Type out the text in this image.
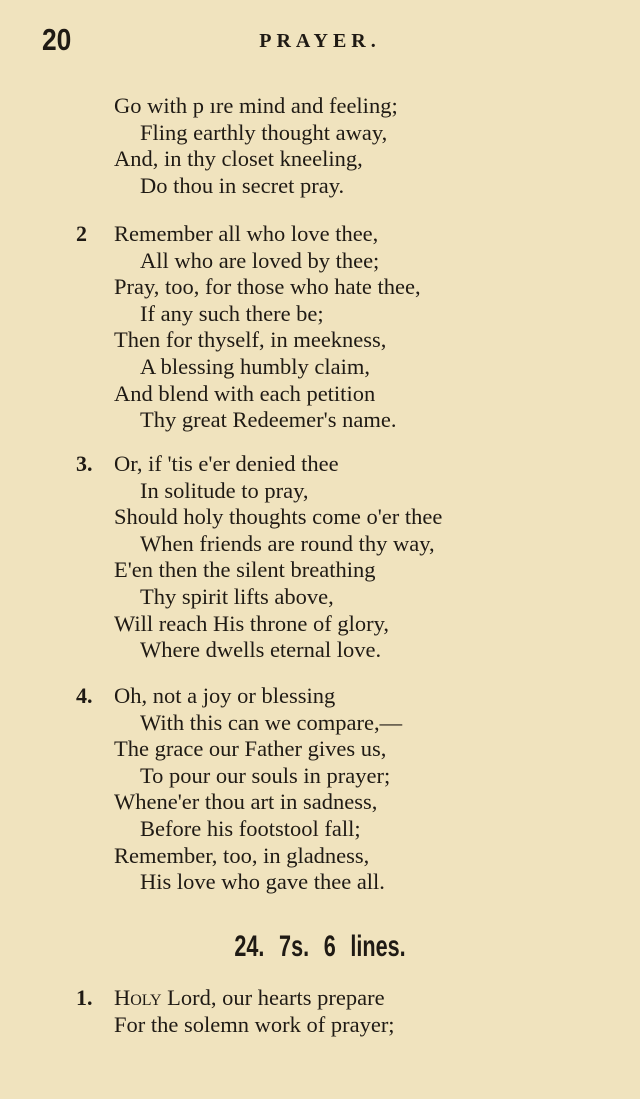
20	PRAYER.
Go with p ıre mind and feeling;
Fling earthly thought away,
And, in thy closet kneeling,
Do thou in secret pray.
2 Remember all who love thee,
All who are loved by thee;
Pray, too, for those who hate thee,
If any such there be;
Then for thyself, in meekness,
A blessing humbly claim,
And blend with each petition
Thy great Redeemer's name.
3. Or, if 'tis e'er denied thee
In solitude to pray,
Should holy thoughts come o'er thee
When friends are round thy way,
E'en then the silent breathing
Thy spirit lifts above,
Will reach His throne of glory,
Where dwells eternal love.
4. Oh, not a joy or blessing
With this can we compare,—
The grace our Father gives us,
To pour our souls in prayer;
Whene'er thou art in sadness,
Before his footstool fall;
Remember, too, in gladness,
His love who gave thee all.
24. 7s. 6 lines.
1. Holy Lord, our hearts prepare
For the solemn work of prayer;
